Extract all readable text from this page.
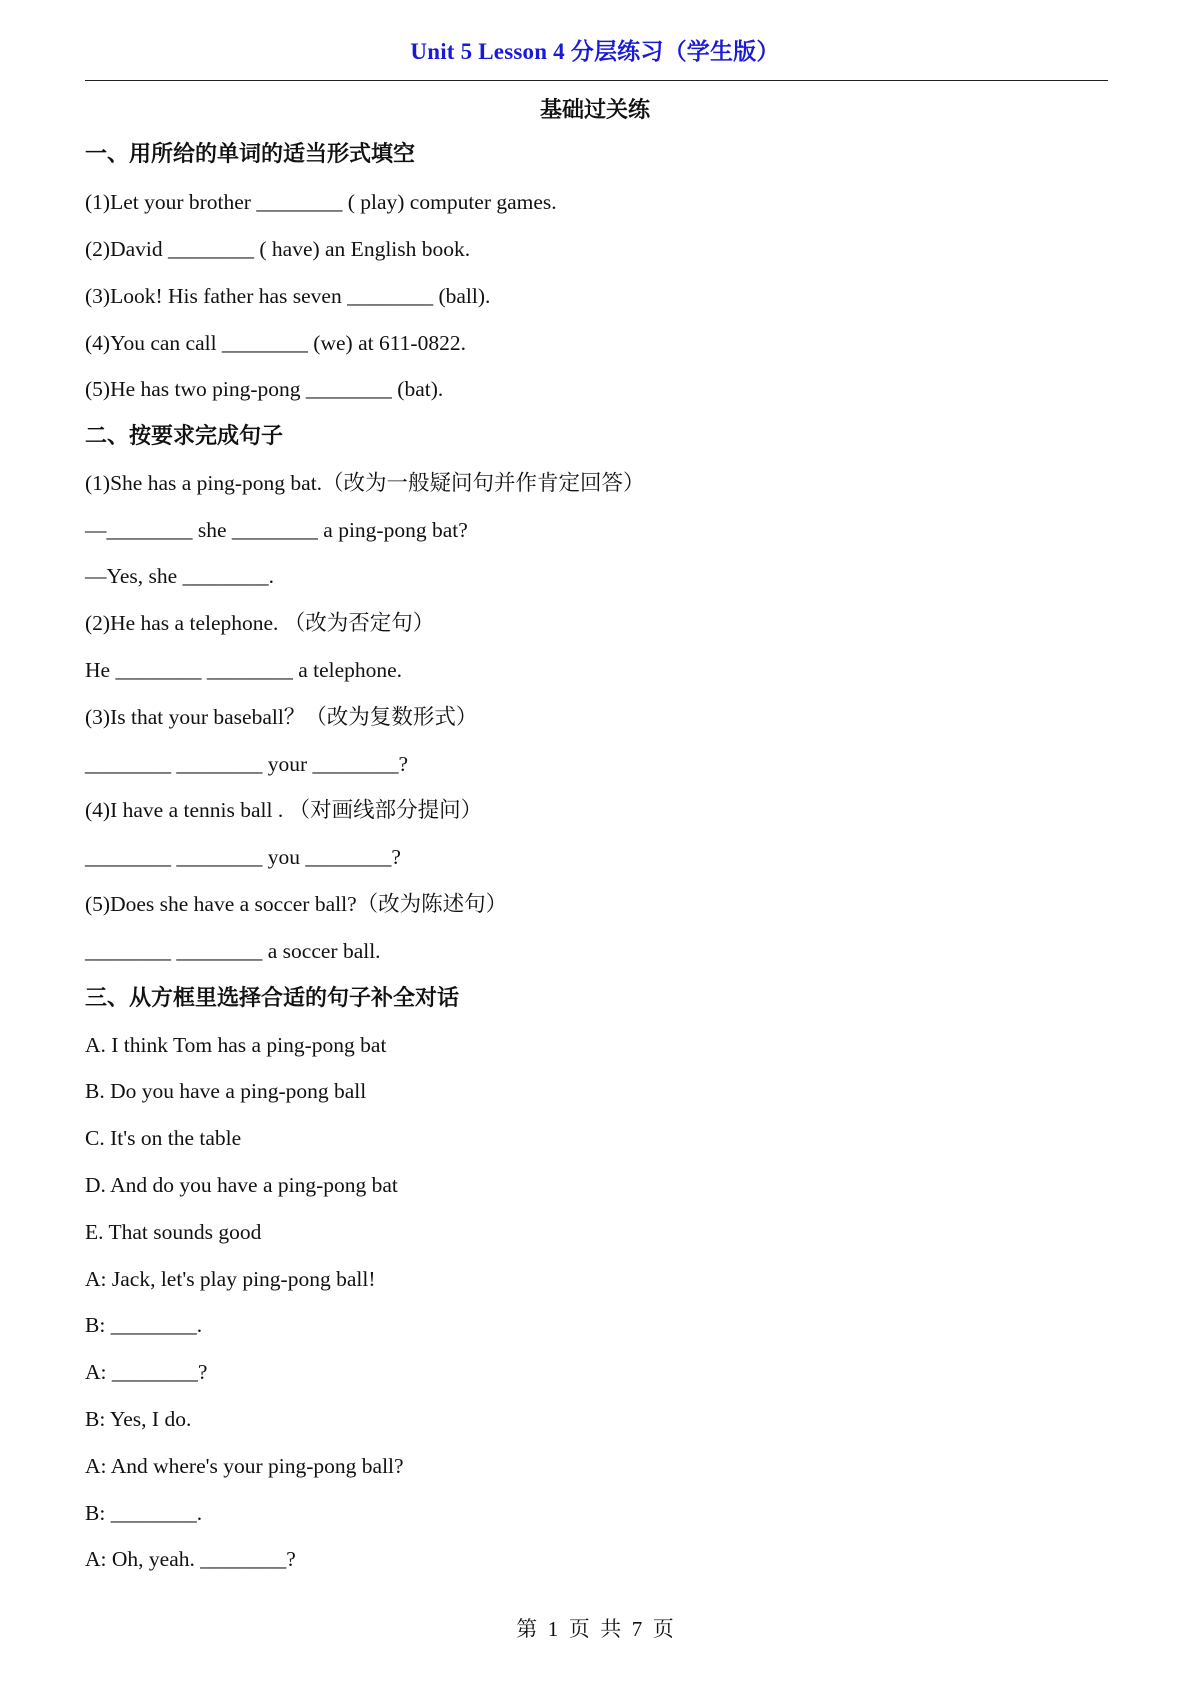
Unit 5 Lesson 4 分层练习（学生版）
基础过关练
一、用所给的单词的适当形式填空
(1)Let your brother ________ ( play) computer games.
(2)David ________ ( have) an English book.
(3)Look! His father has seven ________ (ball).
(4)You can call ________ (we) at 611-0822.
(5)He has two ping-pong ________ (bat).
二、按要求完成句子
(1)She has a ping-pong bat.（改为一般疑问句并作肯定回答）
—________ she ________ a ping-pong bat?
—Yes, she ________.
(2)He has a telephone. （改为否定句）
He ________ ________ a telephone.
(3)Is that your baseball？（改为复数形式）
________ ________ your ________?
(4)I have a tennis ball . （对画线部分提问）
________ ________ you ________?
(5)Does she have a soccer ball?（改为陈述句）
________ ________ a soccer ball.
三、从方框里选择合适的句子补全对话
A. I think Tom has a ping-pong bat
B. Do you have a ping-pong ball
C. It's on the table
D. And do you have a ping-pong bat
E. That sounds good
A: Jack, let's play ping-pong ball!
B: ________.
A: ________?
B: Yes, I do.
A: And where's your ping-pong ball?
B: ________.
A: Oh, yeah. ________?
第  1  页  共  7  页
